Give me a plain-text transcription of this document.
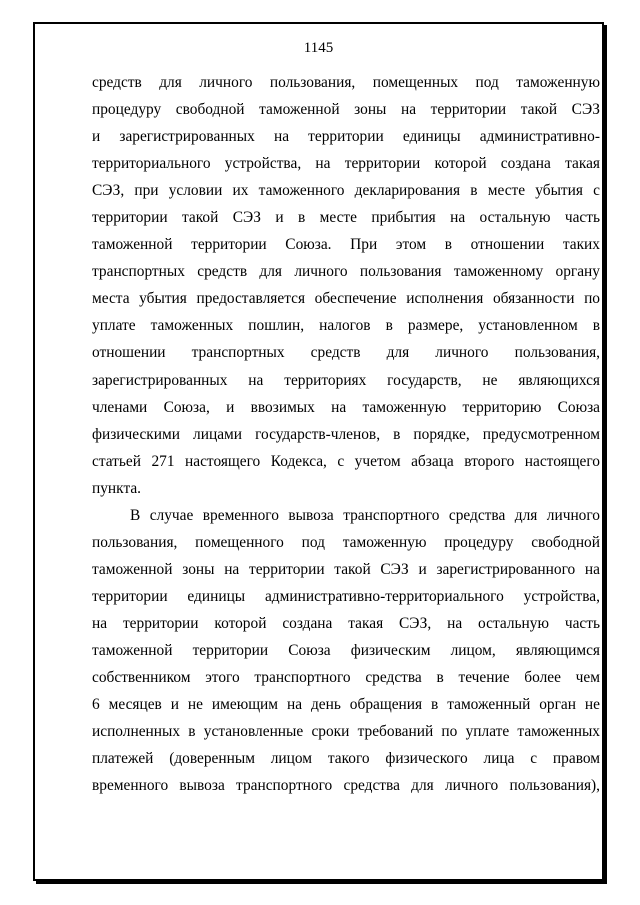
1145
средств для личного пользования, помещенных под таможенную
процедуру свободной таможенной зоны на территории такой СЭЗ
и зарегистрированных на территории единицы административно-
территориального устройства, на территории которой создана такая
СЭЗ, при условии их таможенного декларирования в месте убытия с
территории такой СЭЗ и в месте прибытия на остальную часть
таможенной территории Союза. При этом в отношении таких
транспортных средств для личного пользования таможенному органу
места убытия предоставляется обеспечение исполнения обязанности по
уплате таможенных пошлин, налогов в размере, установленном в
отношении транспортных средств для личного пользования,
зарегистрированных на территориях государств, не являющихся
членами Союза, и ввозимых на таможенную территорию Союза
физическими лицами государств-членов, в порядке, предусмотренном
статьей 271 настоящего Кодекса, с учетом абзаца второго настоящего
пункта.
В случае временного вывоза транспортного средства для личного
пользования, помещенного под таможенную процедуру свободной
таможенной зоны на территории такой СЭЗ и зарегистрированного на
территории единицы административно-территориального устройства,
на территории которой создана такая СЭЗ, на остальную часть
таможенной территории Союза физическим лицом, являющимся
собственником этого транспортного средства в течение более чем
6 месяцев и не имеющим на день обращения в таможенный орган не
исполненных в установленные сроки требований по уплате таможенных
платежей (доверенным лицом такого физического лица с правом
временного вывоза транспортного средства для личного пользования),
